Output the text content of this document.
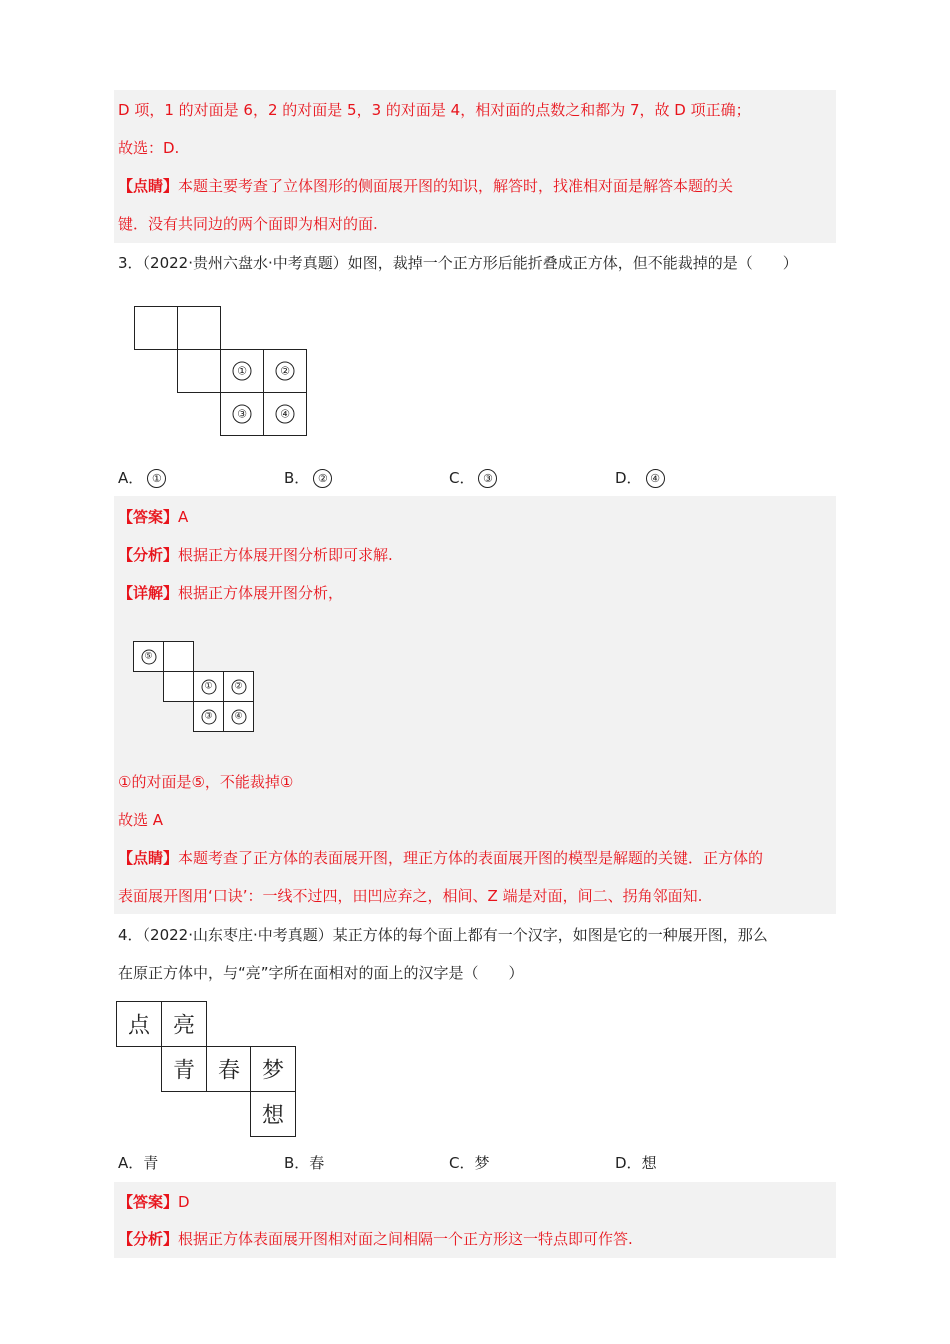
D 项，1 的对面是 6，2 的对面是 5，3 的对面是 4，相对面的点数之和都为 7，故 D 项正确；
故选：D.
【点睛】本题主要考查了立体图形的侧面展开图的知识，解答时，找准相对面是解答本题的关
键．没有共同边的两个面即为相对的面.
3．（2022·贵州六盘水·中考真题）如图，裁掉一个正方形后能折叠成正方体，但不能裁掉的是（　　）
①	②
③	④
A． ①	B． ②	C． ③	D． ④
【答案】A
【分析】根据正方体展开图分析即可求解.
【详解】根据正方体展开图分析，
⑤
①	②
③	④
①的对面是⑤，不能裁掉①
故选 A
【点睛】本题考查了正方体的表面展开图，理正方体的表面展开图的模型是解题的关键．正方体的
表面展开图用‘口诀’：一线不过四，田凹应弃之，相间、Z 端是对面，间二、拐角邻面知.
4．（2022·山东枣庄·中考真题）某正方体的每个面上都有一个汉字，如图是它的一种展开图，那么
在原正方体中，与“亮”字所在面相对的面上的汉字是（　　）
点 亮
青 春 梦
想
A．青	B．春	C．梦	D．想
【答案】D
【分析】根据正方体表面展开图相对面之间相隔一个正方形这一特点即可作答.
